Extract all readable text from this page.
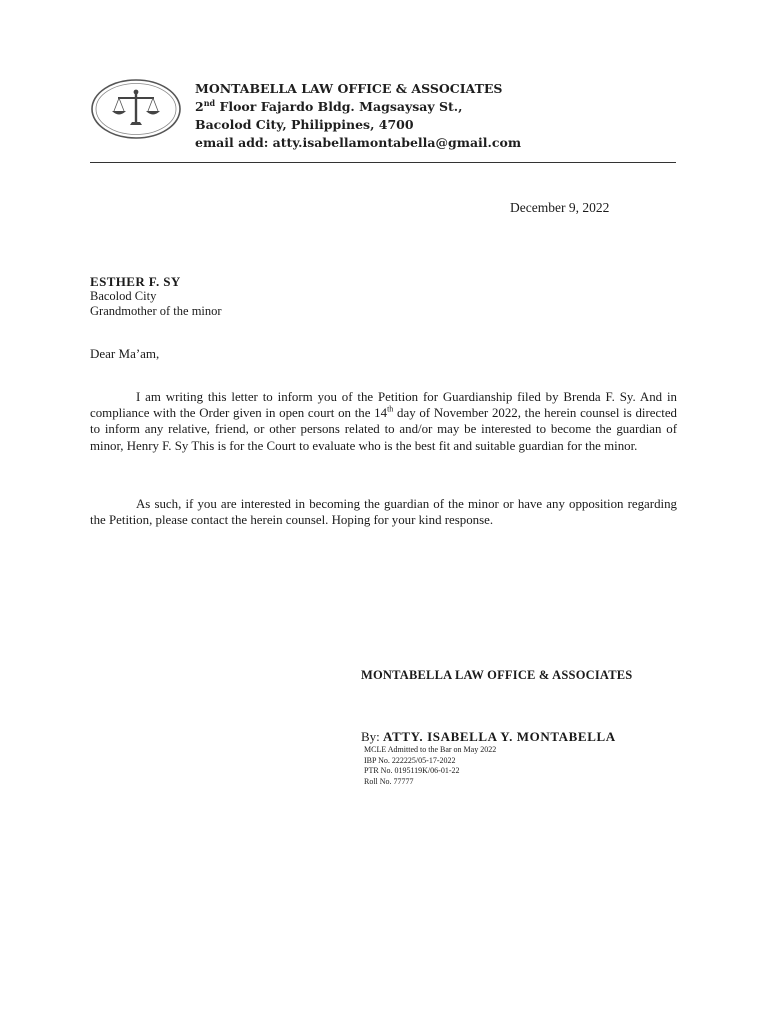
MONTABELLA LAW OFFICE & ASSOCIATES
2nd Floor Fajardo Bldg. Magsaysay St.,
Bacolod City, Philippines, 4700
email add: atty.isabellamontabella@gmail.com
December 9, 2022
ESTHER F. SY
Bacolod City
Grandmother of the minor
Dear Ma’am,

I am writing this letter to inform you of the Petition for Guardianship filed by Brenda F. Sy. And in compliance with the Order given in open court on the 14th day of November 2022, the herein counsel is directed to inform any relative, friend, or other persons related to and/or may be interested to become the guardian of minor, Henry F. Sy This is for the Court to evaluate who is the best fit and suitable guardian for the minor.

As such, if you are interested in becoming the guardian of the minor or have any opposition regarding the Petition, please contact the herein counsel. Hoping for your kind response.

MONTABELLA LAW OFFICE & ASSOCIATES
By: ATTY. ISABELLA Y. MONTABELLA
MCLE Admitted to the Bar on May 2022
IBP No. 222225/05-17-2022
PTR No. 0195119K/06-01-22
Roll No. 77777
